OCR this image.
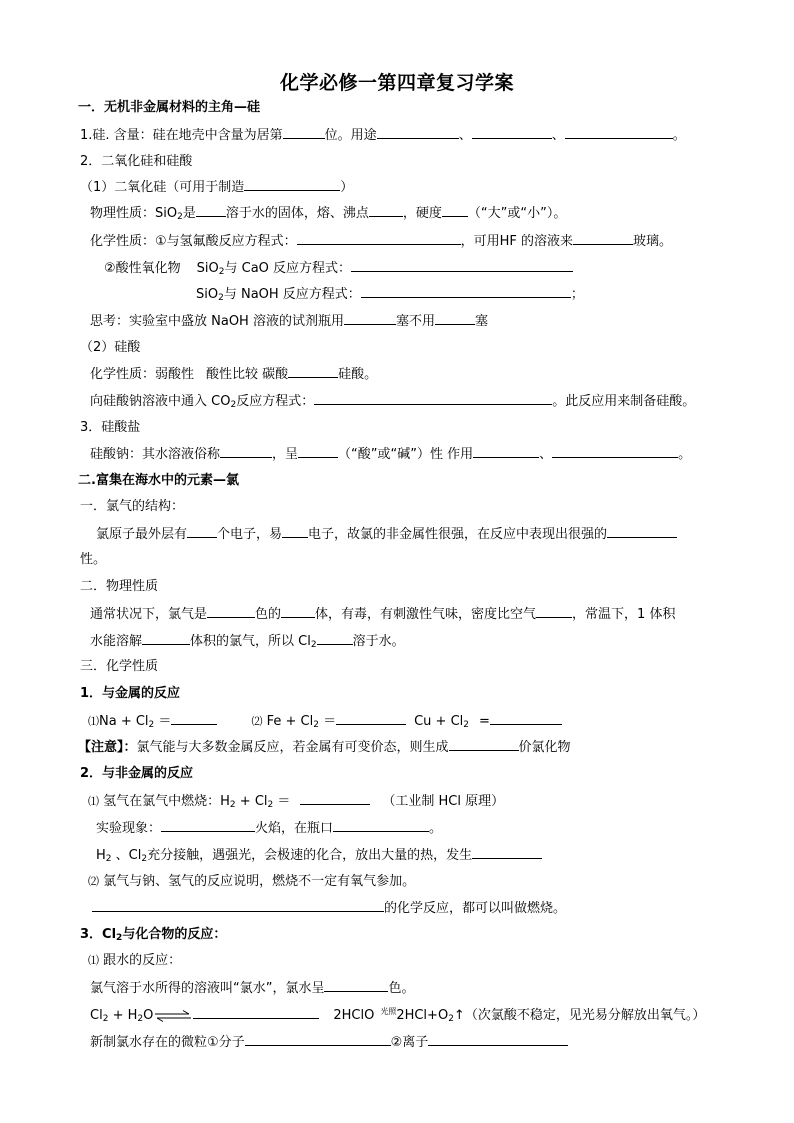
化学必修一第四章复习学案
一．无机非金属材料的主角—硅
1.硅. 含量：硅在地壳中含量为居第	位。用途	、	、	。
2．二氧化硅和硅酸
（1）二氧化硅（可用于制造	）
物理性质：SiO$_2$是 溶于水的固体，熔、沸点	，硬度 （“大”或“小”）。
化学性质：①与氢氟酸反应方程式：	，可用HF 的溶液来	玻璃。
②酸性氧化物 SiO$_2$与 CaO 反应方程式：
SiO$_2$与 NaOH 反应方程式：	；
思考：实验室中盛放 NaOH 溶液的试剂瓶用	塞不用	塞
（2）硅酸
化学性质：弱酸性 酸性比较 碳酸	硅酸。
向硅酸钠溶液中通入 $CO_2$反应方程式：	。此反应用来制备硅酸。
3．硅酸盐
硅酸钠：其水溶液俗称	，呈	（“酸”或“碱”）性 作用	、	。
二.富集在海水中的元素—氯
一．氯气的结构：
氯原子最外层有 个电子，易 电子，故氯的非金属性很强，在反应中表现出很强的
性。
二．物理性质
通常状况下，氯气是	色的	体，有毒，有刺激性气味，密度比空气	，常温下，1 体积
水能溶解	体积的氯气，所以 $Cl_2$	溶于水。
三．化学性质
1．与金属的反应
⑴Na + $Cl_2$ ＝	⑵ $Fe + Cl_2$ ＝	$Cu + Cl_2$ =
【注意】：氯气能与大多数金属反应，若金属有可变价态，则生成	价氯化物
2．与非金属的反应
⑴ 氢气在氯气中燃烧：$H_2 + Cl_2$ ＝	（工业制 HCl 原理）
实验现象：	火焰，在瓶口	。
$H_2$ 、$Cl_2$充分接触，遇强光，会极速的化合，放出大量的热，发生
⑵ 氯气与钠、氢气的反应说明，燃烧不一定有氧气参加。
的化学反应，都可以叫做燃烧。
3．$Cl_2$与化合物的反应：
⑴ 跟水的反应：
氯气溶于水所得的溶液叫“氯水”，氯水呈	色。
$Cl_2$ + $H_2O\rightleftharpoons$	2HClO 光照$2HCl+O_2↑$（次氯酸不稳定，见光易分解放出氧气。）
新制氯水存在的微粒①分子	②离子
